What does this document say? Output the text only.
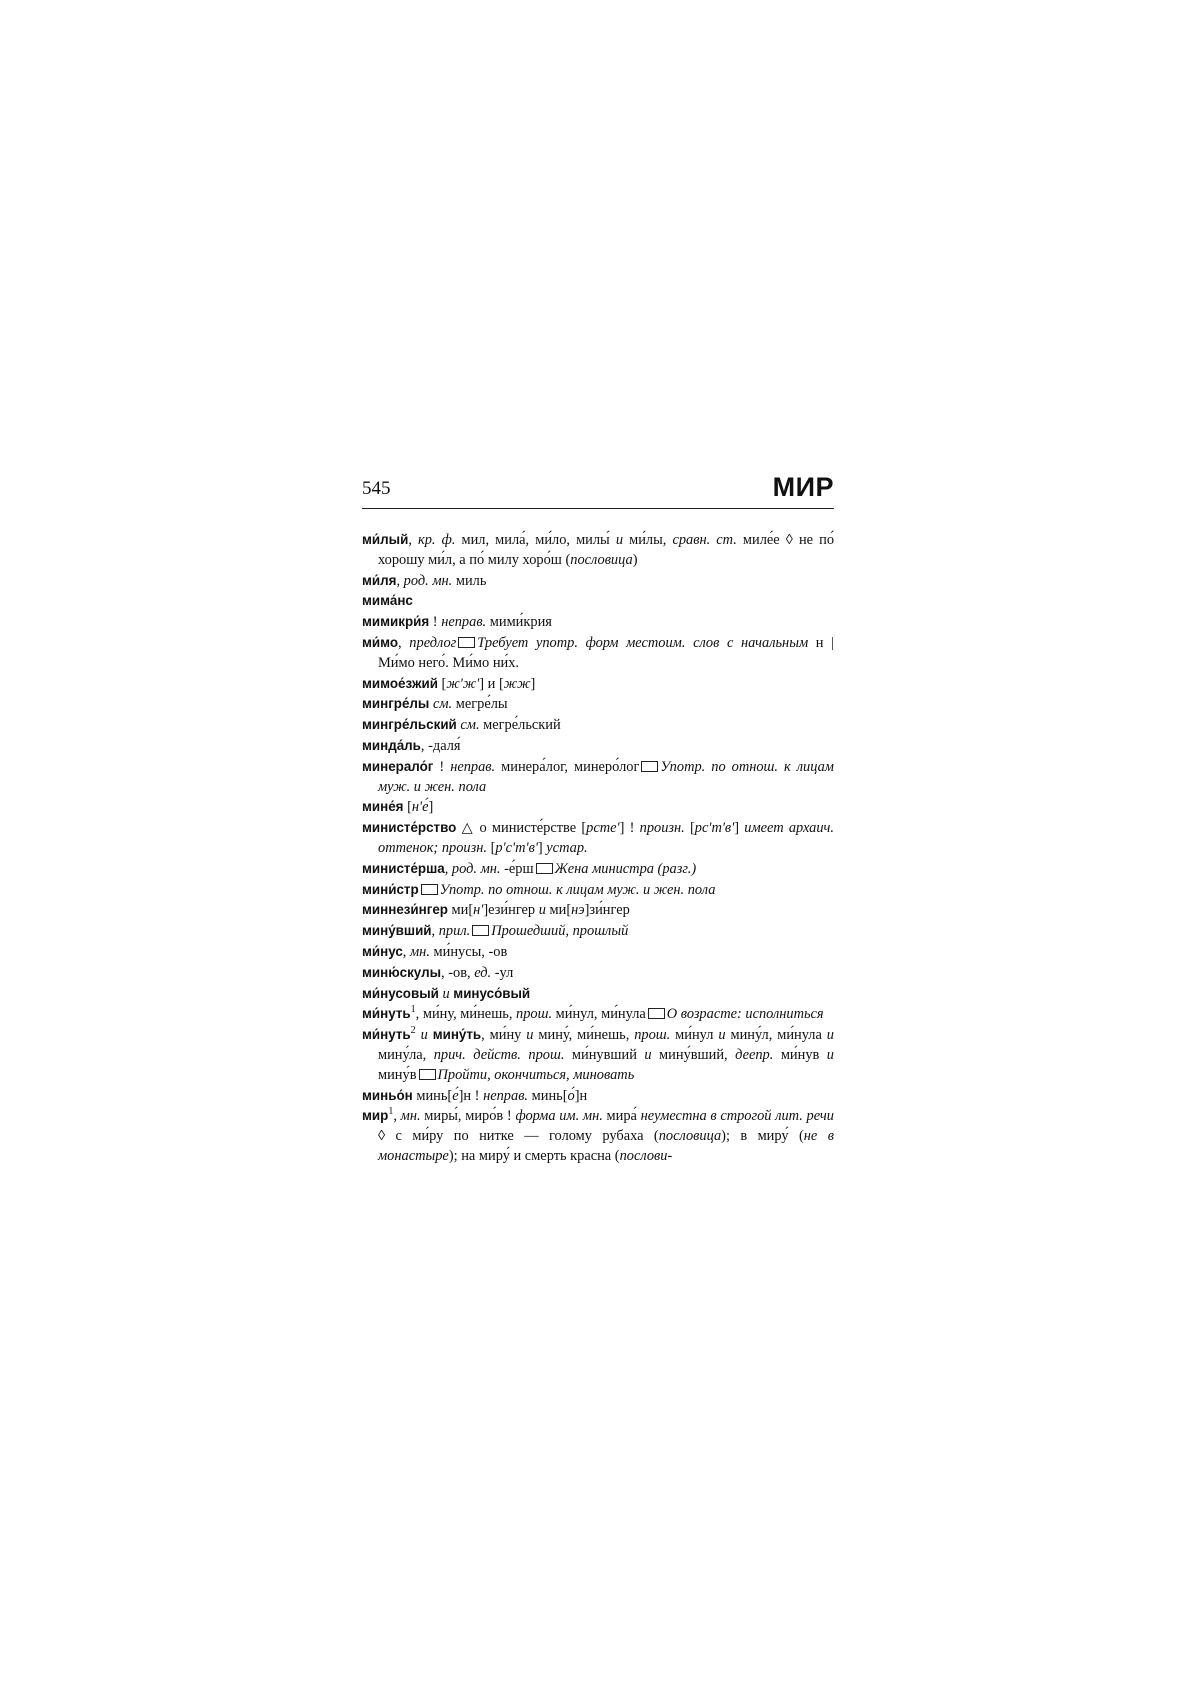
545	МИР

ми́лый, кр. ф. мил, мила́, ми́ло, милы́ и ми́лы, сравн. ст. миле́е ◊ не по́ хорошу ми́л, а по́ милу хоро́ш (пословица)

ми́ля, род. мн. миль

мима́нс

мимикри́я ! неправ. мими́крия

ми́мо, предлог Требует употр. форм местоим. слов с начальным н | Ми́мо него́. Ми́мо ни́х.

мимое́зжий [ж'ж'] и [жж]

мингре́лы см. мегре́лы

мингре́льский см. мегре́льский

минда́ль, -даля́

минерало́г ! неправ. минера́лог, минеро́лог Употр. по отнош. к лицам муж. и жен. пола

мине́я [н'е́]

министе́рство △ о министе́рстве [рсте'] ! произн. [рс'т'в'] имеет архаич. оттенок; произн. [р'с'т'в'] устар.

министе́рша, род. мн. -е́рш Жена министра (разг.)

мини́стр Употр. по отнош. к лицам муж. и жен. пола

миннези́нгер ми[н']ези́нгер и ми[нэ]зи́нгер

мину́вший, прил. Прошедший, прошлый

ми́нус, мн. ми́нусы, -ов

миню́скулы, -ов, ед. -ул

ми́нусовый и минусо́вый

ми́нуть$^1$, ми́ну, ми́нешь, прош. ми́нул, ми́нула О возрасте: исполниться

ми́нуть$^2$ и мину́ть, ми́ну и мину́, ми́нешь, прош. ми́нул и мину́л, ми́нула и мину́ла, прич. действ. прош. ми́нувший и мину́вший, деепр. ми́нув и мину́в Пройти, окончиться, миновать

миньо́н минь[е́]н ! неправ. минь[о́]н

мир$^1$, мн. миры́, миро́в ! форма им. мн. мира́ неуместна в строгой лит. речи ◊ с ми́ру по нитке — голому рубаха (пословица); в миру́ (не в монастыре); на миру́ и смерть красна (послови-
